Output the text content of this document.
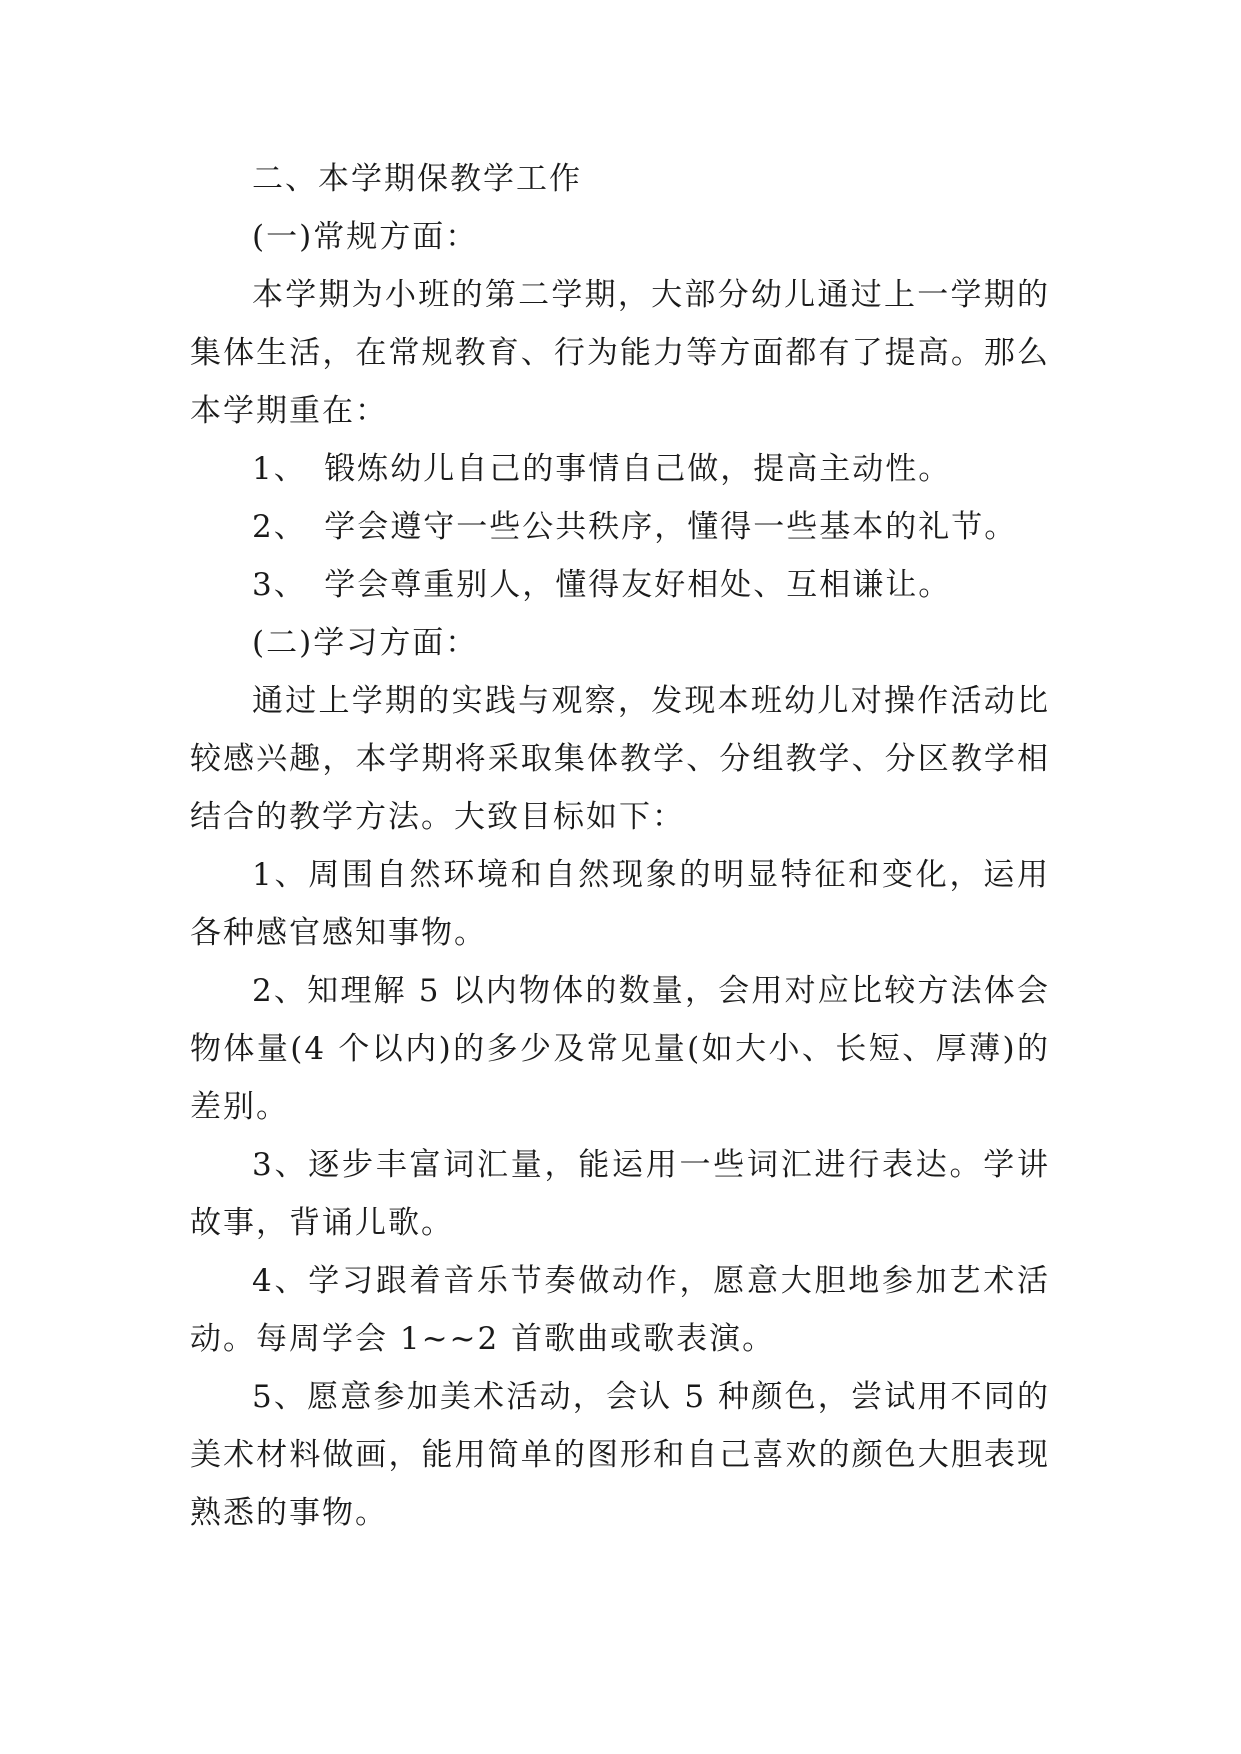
二、本学期保教学工作

(一)常规方面：

本学期为小班的第二学期，大部分幼儿通过上一学期的集体生活，在常规教育、行为能力等方面都有了提高。那么本学期重在：

1、　锻炼幼儿自己的事情自己做，提高主动性。

2、　学会遵守一些公共秩序，懂得一些基本的礼节。

3、　学会尊重别人，懂得友好相处、互相谦让。

(二)学习方面：

通过上学期的实践与观察，发现本班幼儿对操作活动比较感兴趣，本学期将采取集体教学、分组教学、分区教学相结合的教学方法。大致目标如下：

1、周围自然环境和自然现象的明显特征和变化，运用各种感官感知事物。

2、知理解 5 以内物体的数量，会用对应比较方法体会物体量(4 个以内)的多少及常见量(如大小、长短、厚薄)的差别。

3、逐步丰富词汇量，能运用一些词汇进行表达。学讲故事，背诵儿歌。

4、学习跟着音乐节奏做动作，愿意大胆地参加艺术活动。每周学会 1~~2 首歌曲或歌表演。

5、愿意参加美术活动，会认 5 种颜色，尝试用不同的美术材料做画，能用简单的图形和自己喜欢的颜色大胆表现熟悉的事物。
